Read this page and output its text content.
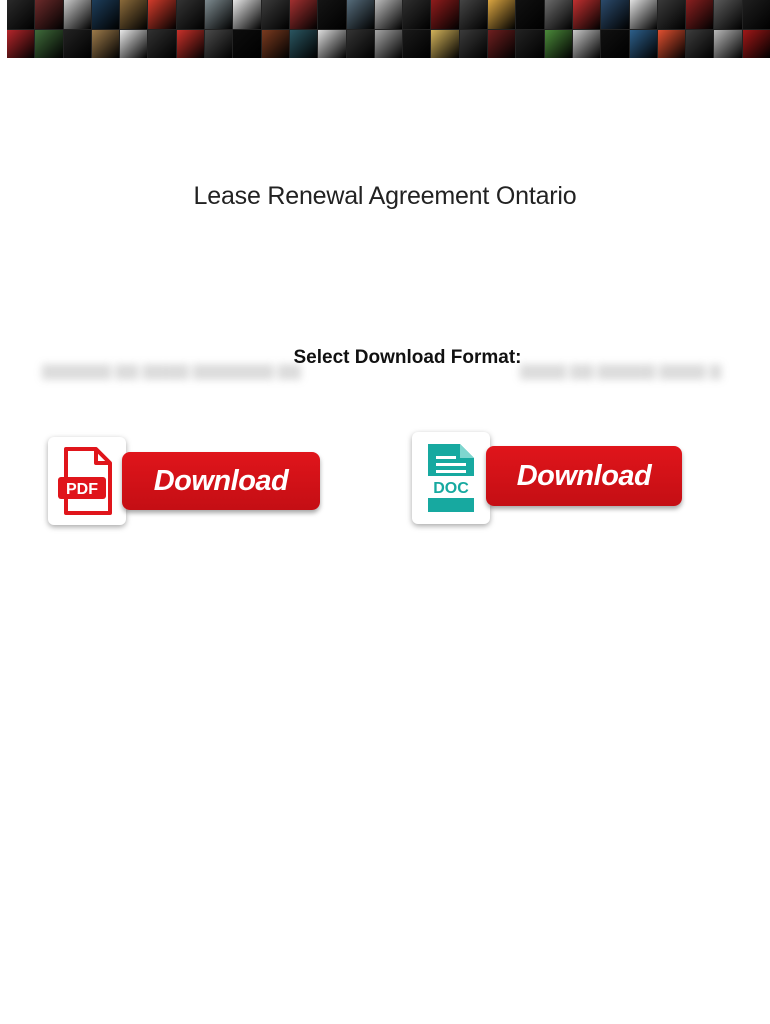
Lease Renewal Agreement Ontario
▇▇▇▇▇▇ ▇▇ ▇▇▇▇ ▇▇▇▇▇▇▇ ▇▇	▇▇▇▇ ▇▇ ▇▇▇▇▇ ▇▇▇▇ ▇
Select Download Format:
PDF	Download	DOC	Download
